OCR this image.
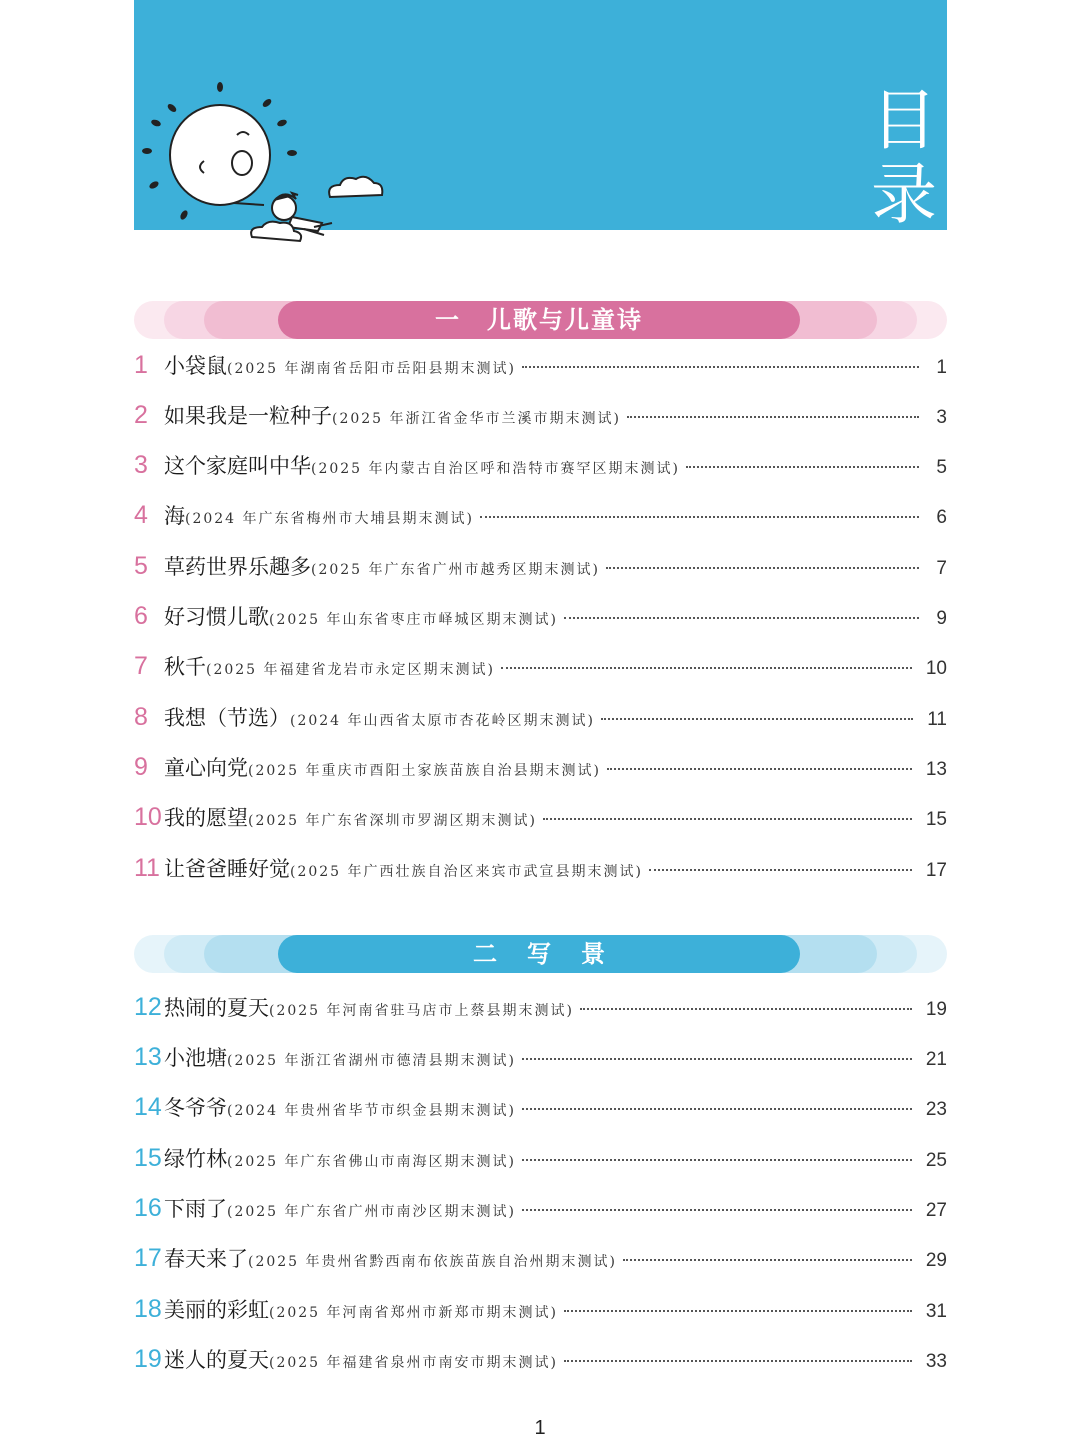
目
录
一　儿歌与儿童诗
1 小袋鼠 (2025 年湖南省岳阳市岳阳县期末测试)	1
2 如果我是一粒种子 (2025 年浙江省金华市兰溪市期末测试)	3
3 这个家庭叫中华 (2025 年内蒙古自治区呼和浩特市赛罕区期末测试)	5
4 海 (2024 年广东省梅州市大埔县期末测试)	6
5 草药世界乐趣多 (2025 年广东省广州市越秀区期末测试)	7
6 好习惯儿歌 (2025 年山东省枣庄市峄城区期末测试)	9
7 秋千 (2025 年福建省龙岩市永定区期末测试)	10
8 我想（节选） (2024 年山西省太原市杏花岭区期末测试)	11
9 童心向党 (2025 年重庆市酉阳土家族苗族自治县期末测试)	13
10 我的愿望 (2025 年广东省深圳市罗湖区期末测试)	15
11 让爸爸睡好觉 (2025 年广西壮族自治区来宾市武宣县期末测试)	17
二写景
12 热闹的夏天 (2025 年河南省驻马店市上蔡县期末测试)	19
13 小池塘 (2025 年浙江省湖州市德清县期末测试)	21
14 冬爷爷 (2024 年贵州省毕节市织金县期末测试)	23
15 绿竹林 (2025 年广东省佛山市南海区期末测试)	25
16 下雨了 (2025 年广东省广州市南沙区期末测试)	27
17 春天来了 (2025 年贵州省黔西南布依族苗族自治州期末测试)	29
18 美丽的彩虹 (2025 年河南省郑州市新郑市期末测试)	31
19 迷人的夏天 (2025 年福建省泉州市南安市期末测试)	33
1
